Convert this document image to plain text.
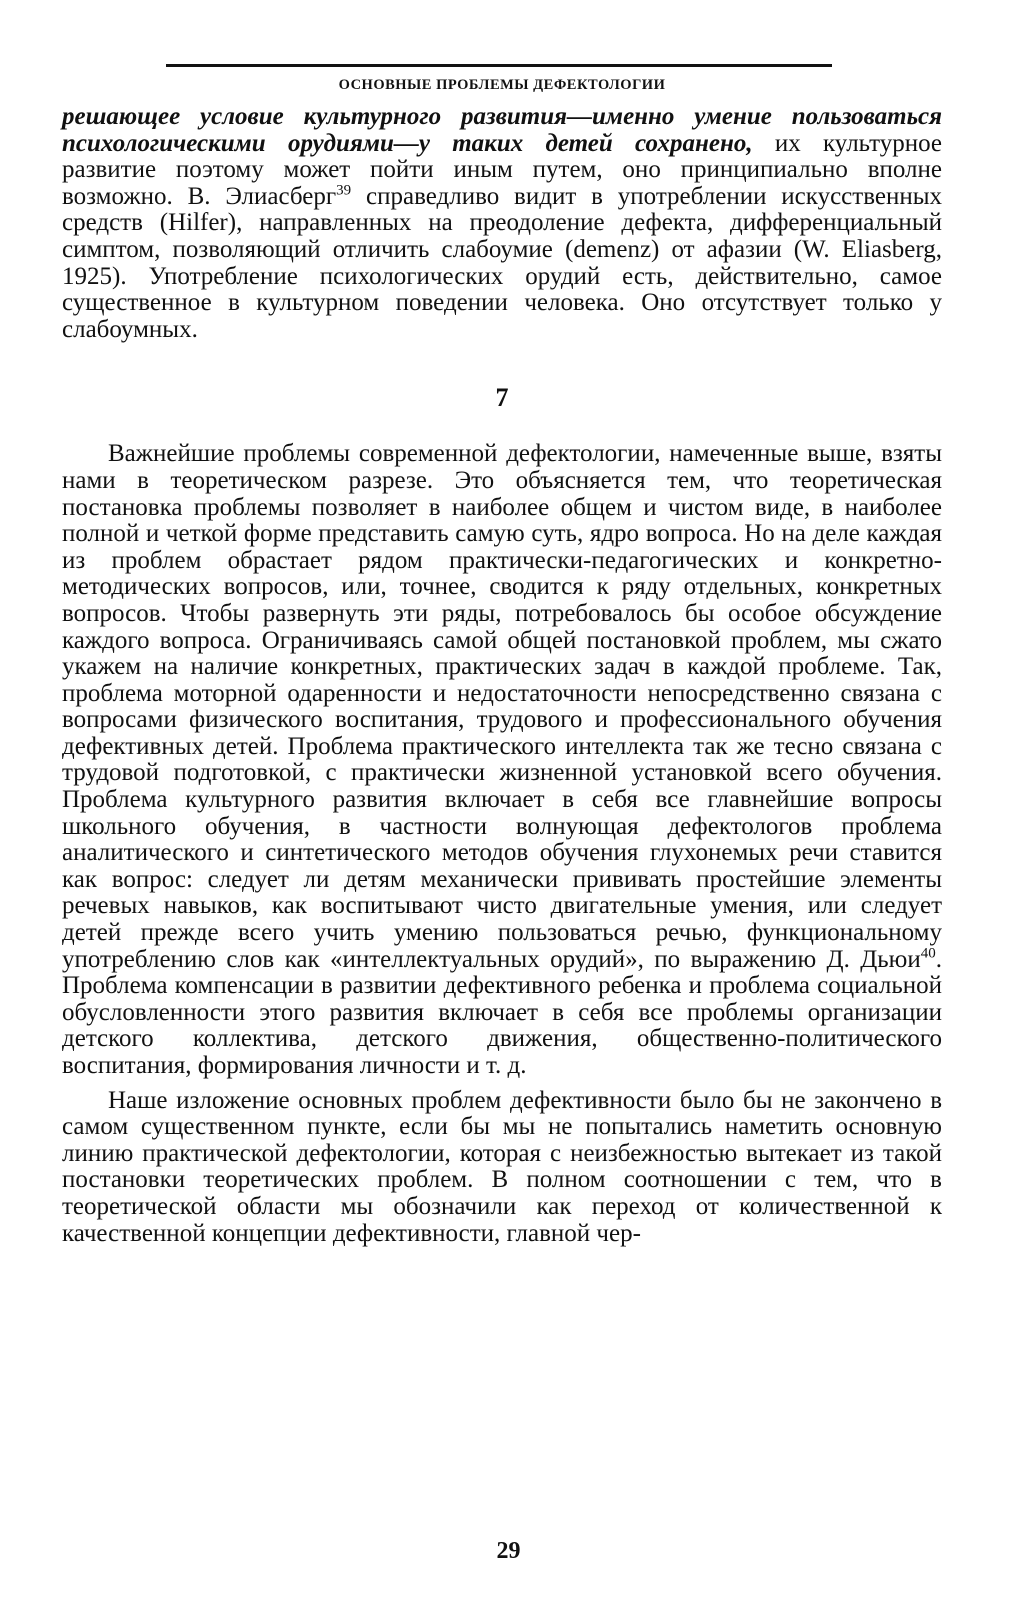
ОСНОВНЫЕ ПРОБЛЕМЫ ДЕФЕКТОЛОГИИ

решающее условие культурного развития—именно умение пользоваться психологическими орудиями—у таких детей сохранено, их культурное развитие поэтому может пойти иным путем, оно принципиально вполне возможно. В. Элиасберг$^{39}$ справедливо видит в употреблении искусственных средств (Hilfer), направленных на преодоление дефекта, дифференциальный симптом, позволяющий отличить слабоумие (demenz) от афазии (W. Eliasberg, 1925). Употребление психологических орудий есть, действительно, самое существенное в культурном поведении человека. Оно отсутствует только у слабоумных.

7

Важнейшие проблемы современной дефектологии, намеченные выше, взяты нами в теоретическом разрезе. Это объясняется тем, что теоретическая постановка проблемы позволяет в наиболее общем и чистом виде, в наиболее полной и четкой форме представить самую суть, ядро вопроса. Но на деле каждая из проблем обрастает рядом практически-педагогических и конкретно-методических вопросов, или, точнее, сводится к ряду отдельных, конкретных вопросов. Чтобы развернуть эти ряды, потребовалось бы особое обсуждение каждого вопроса. Ограничиваясь самой общей постановкой проблем, мы сжато укажем на наличие конкретных, практических задач в каждой проблеме. Так, проблема моторной одаренности и недостаточности непосредственно связана с вопросами физического воспитания, трудового и профессионального обучения дефективных детей. Проблема практического интеллекта так же тесно связана с трудовой подготовкой, с практически жизненной установкой всего обучения. Проблема культурного развития включает в себя все главнейшие вопросы школьного обучения, в частности волнующая дефектологов проблема аналитического и синтетического методов обучения глухонемых речи ставится как вопрос: следует ли детям механически прививать простейшие элементы речевых навыков, как воспитывают чисто двигательные умения, или следует детей прежде всего учить умению пользоваться речью, функциональному употреблению слов как «интеллектуальных орудий», по выражению Д. Дьюи$^{40}$. Проблема компенсации в развитии дефективного ребенка и проблема социальной обусловленности этого развития включает в себя все проблемы организации детского коллектива, детского движения, общественно-политического воспитания, формирования личности и т. д.

Наше изложение основных проблем дефективности было бы не закончено в самом существенном пункте, если бы мы не попытались наметить основную линию практической дефектологии, которая с неизбежностью вытекает из такой постановки теоретических проблем. В полном соотношении с тем, что в теоретической области мы обозначили как переход от количественной к качественной концепции дефективности, главной чер-

29
